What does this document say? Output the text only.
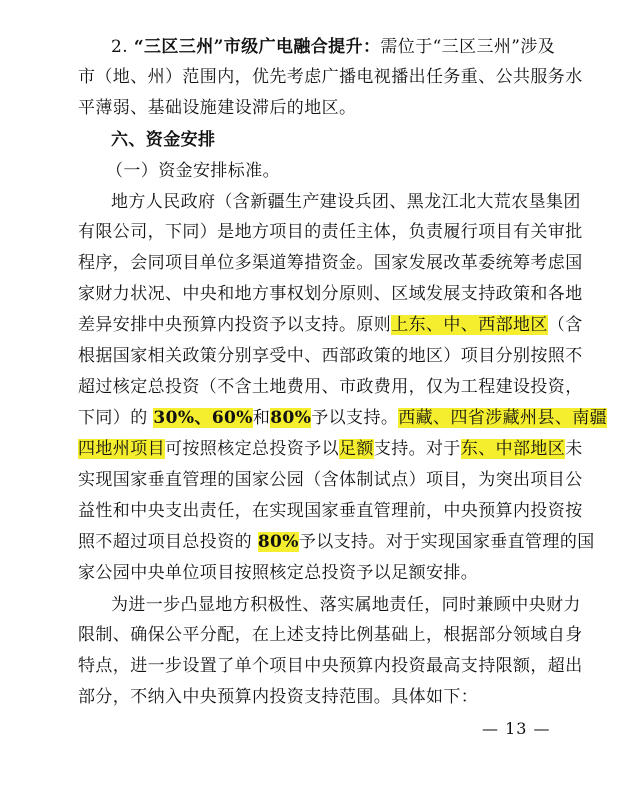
2. “三区三州”市级广电融合提升：需位于“三区三州”涉及
市（地、州）范围内，优先考虑广播电视播出任务重、公共服务水
平薄弱、基础设施建设滞后的地区。
六、资金安排
（一）资金安排标准。
地方人民政府（含新疆生产建设兵团、黑龙江北大荒农垦集团
有限公司，下同）是地方项目的责任主体，负责履行项目有关审批
程序，会同项目单位多渠道筹措资金。国家发展改革委统筹考虑国
家财力状况、中央和地方事权划分原则、区域发展支持政策和各地
差异安排中央预算内投资予以支持。原则上东、中、西部地区（含
根据国家相关政策分别享受中、西部政策的地区）项目分别按照不
超过核定总投资（不含土地费用、市政费用，仅为工程建设投资，
下同）的 30%、60%和80%予以支持。西藏、四省涉藏州县、南疆
四地州项目可按照核定总投资予以足额支持。对于东、中部地区未
实现国家垂直管理的国家公园（含体制试点）项目，为突出项目公
益性和中央支出责任，在实现国家垂直管理前，中央预算内投资按
照不超过项目总投资的 80%予以支持。对于实现国家垂直管理的国
家公园中央单位项目按照核定总投资予以足额安排。
为进一步凸显地方积极性、落实属地责任，同时兼顾中央财力
限制、确保公平分配，在上述支持比例基础上，根据部分领域自身
特点，进一步设置了单个项目中央预算内投资最高支持限额，超出
部分，不纳入中央预算内投资支持范围。具体如下：
— 13 —
